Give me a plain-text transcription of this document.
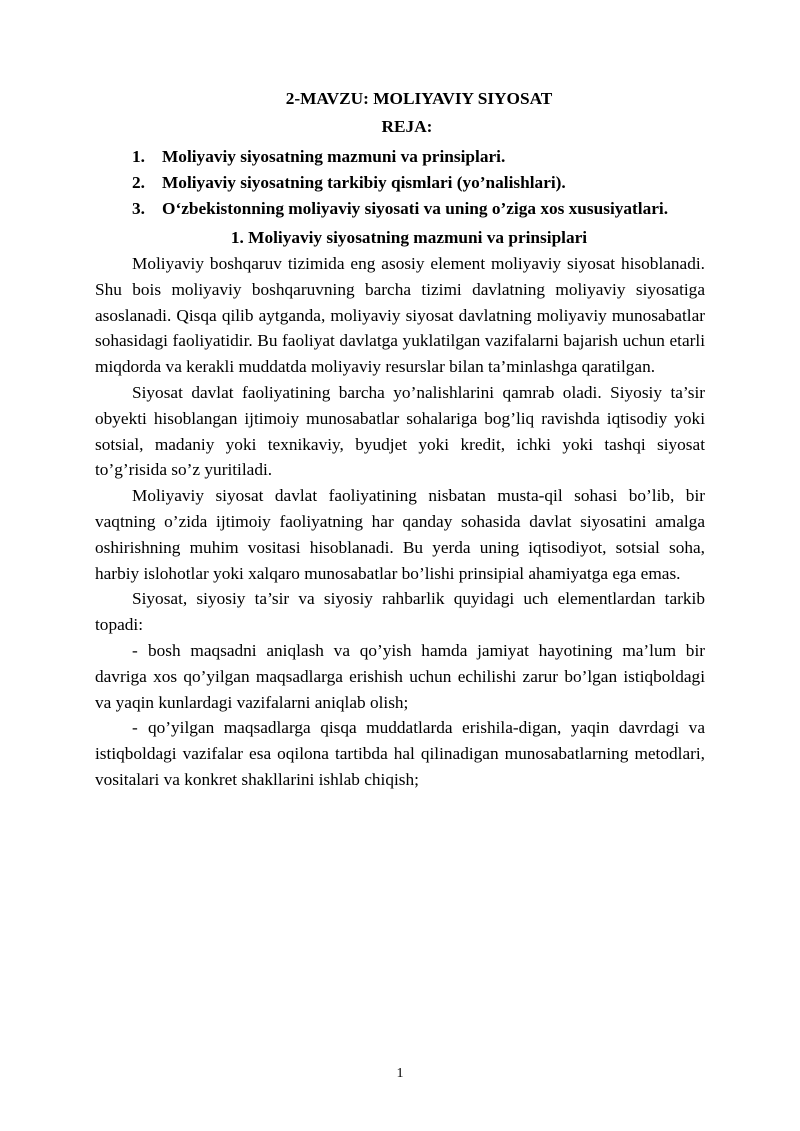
2-MAVZU: MOLIYAVIY SIYOSAT

REJA:

1. Moliyaviy siyosatning mazmuni va prinsiplari.
2. Moliyaviy siyosatning tarkibiy qismlari (yo’nalishlari).
3. O‘zbekistonning moliyaviy siyosati va uning o’ziga xos xususiyatlari.

1. Moliyaviy siyosatning mazmuni va prinsiplari

Moliyaviy boshqaruv tizimida eng asosiy element moliyaviy siyosat hisoblanadi. Shu bois moliyaviy boshqaruvning barcha tizimi davlatning moliyaviy siyosatiga asoslanadi. Qisqa qilib aytganda, moliyaviy siyosat davlatning moliyaviy munosabatlar sohasidagi faoliyatidir. Bu faoliyat davlatga yuklatilgan vazifalarni bajarish uchun etarli miqdorda va kerakli muddatda moliyaviy resurslar bilan ta’minlashga qaratilgan.

Siyosat davlat faoliyatining barcha yo’nalishlarini qamrab oladi. Siyosiy ta’sir obyekti hisoblangan ijtimoiy munosabatlar sohalariga bog’liq ravishda iqtisodiy yoki sotsial, madaniy yoki texnikaviy, byudjet yoki kredit, ichki yoki tashqi siyosat to’g’risida so’z yuritiladi.

Moliyaviy siyosat davlat faoliyatining nisbatan musta-qil sohasi bo’lib, bir vaqtning o’zida ijtimoiy faoliyatning har qanday sohasida davlat siyosatini amalga oshirishning muhim vositasi hisoblanadi. Bu yerda uning iqtisodiyot, sotsial soha, harbiy islohotlar yoki xalqaro munosabatlar bo’lishi prinsipial ahamiyatga ega emas.

Siyosat, siyosiy ta’sir va siyosiy rahbarlik quyidagi uch elementlardan tarkib topadi:

- bosh maqsadni aniqlash va qo’yish hamda jamiyat hayotining ma’lum bir davriga xos qo’yilgan maqsadlarga erishish uchun echilishi zarur bo’lgan istiqboldagi va yaqin kunlardagi vazifalarni aniqlab olish;

- qo’yilgan maqsadlarga qisqa muddatlarda erishila-digan, yaqin davrdagi va istiqboldagi vazifalar esa oqilona tartibda hal qilinadigan munosabatlarning metodlari, vositalari va konkret shakllarini ishlab chiqish;

1
